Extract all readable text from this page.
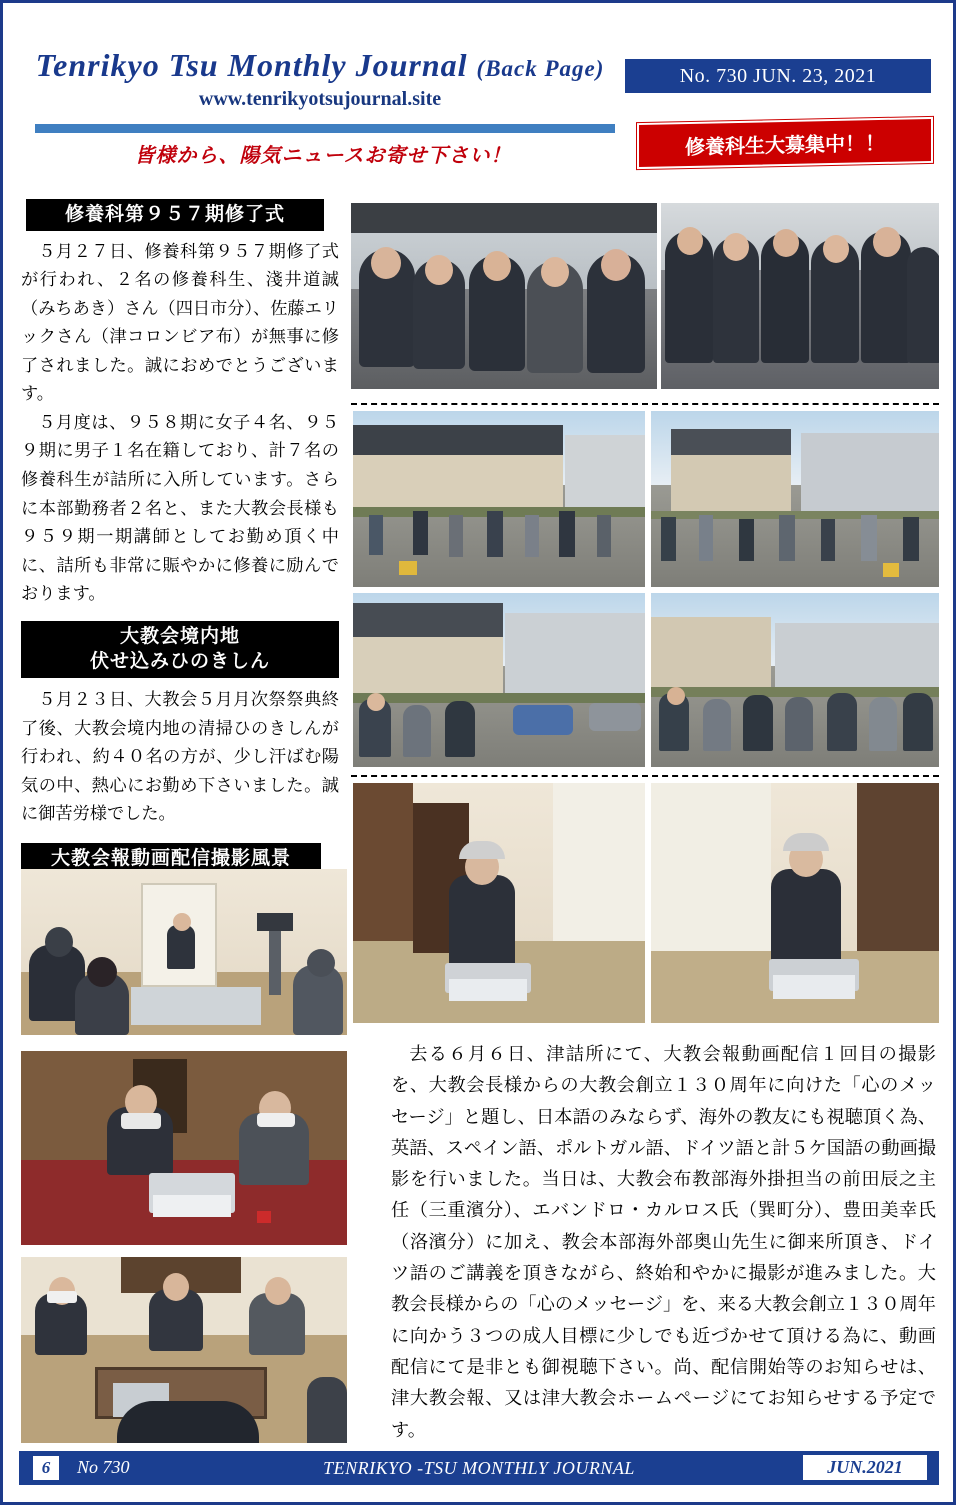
Tenrikyo Tsu Monthly Journal (Back Page)
www.tenrikyotsujournal.site
皆様から、陽気ニュースお寄せ下さい！
No. 730 JUN. 23, 2021
修養科生大募集中！！
修養科第９５７期修了式

５月２７日、修養科第９５７期修了式が行われ、２名の修養科生、淺井道誠（みちあき）さん（四日市分）、佐藤エリックさん（津コロンビア布）が無事に修了されました。誠におめでとうございます。

５月度は、９５８期に女子４名、９５９期に男子１名在籍しており、計７名の修養科生が詰所に入所しています。さらに本部勤務者２名と、また大教会長様も９５９期一期講師としてお勤め頂く中に、詰所も非常に賑やかに修養に励んでおります。

大教会境内地
伏せ込みひのきしん

５月２３日、大教会５月月次祭祭典終了後、大教会境内地の清掃ひのきしんが行われ、約４０名の方が、少し汗ばむ陽気の中、熱心にお勤め下さいました。誠に御苦労様でした。

大教会報動画配信撮影風景

去る６月６日、津詰所にて、大教会報動画配信１回目の撮影を、大教会長様からの大教会創立１３０周年に向けた「心のメッセージ」と題し、日本語のみならず、海外の教友にも視聴頂く為、英語、スペイン語、ポルトガル語、ドイツ語と計５ケ国語の動画撮影を行いました。当日は、大教会布教部海外掛担当の前田辰之主任（三重濱分）、エバンドロ・カルロス氏（巽町分）、豊田美幸氏（洛濱分）に加え、教会本部海外部奥山先生に御来所頂き、ドイツ語のご講義を頂きながら、終始和やかに撮影が進みました。大教会長様からの「心のメッセージ」を、来る大教会創立１３０周年に向かう３つの成人目標に少しでも近づかせて頂ける為に、動画配信にて是非とも御視聴下さい。尚、配信開始等のお知らせは、津大教会報、又は津大教会ホームページにてお知らせする予定です。

TENRIKYO -TSU MONTHLY JOURNAL
6	No 730	JUN.2021
